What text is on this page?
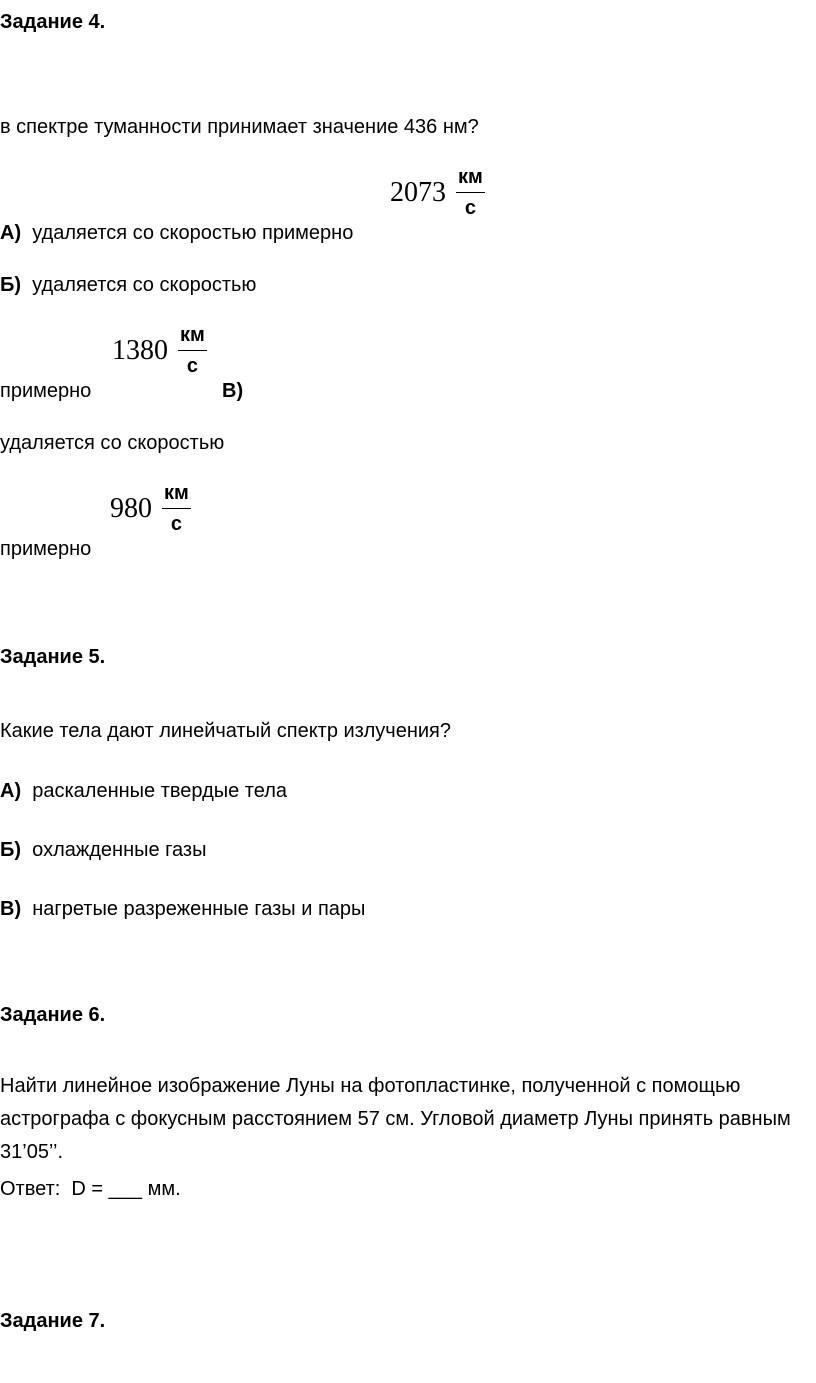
Задание 4.
в спектре туманности принимает значение 436 нм?
2073 км
с
А) удаляется со скоростью примерно
Б) удаляется со скоростью
1380 км
с
примерно	В)
удаляется со скоростью
980 км
с
примерно
Задание 5.
Какие тела дают линейчатый спектр излучения?
А) раскаленные твердые тела
Б) охлажденные газы
В) нагретые разреженные газы и пары
Задание 6.
Найти линейное изображение Луны на фотопластинке, полученной с помощью астрографа с фокусным расстоянием 57 см. Угловой диаметр Луны принять равным 31’05’’.
Ответ: D = ___ мм.
Задание 7.
